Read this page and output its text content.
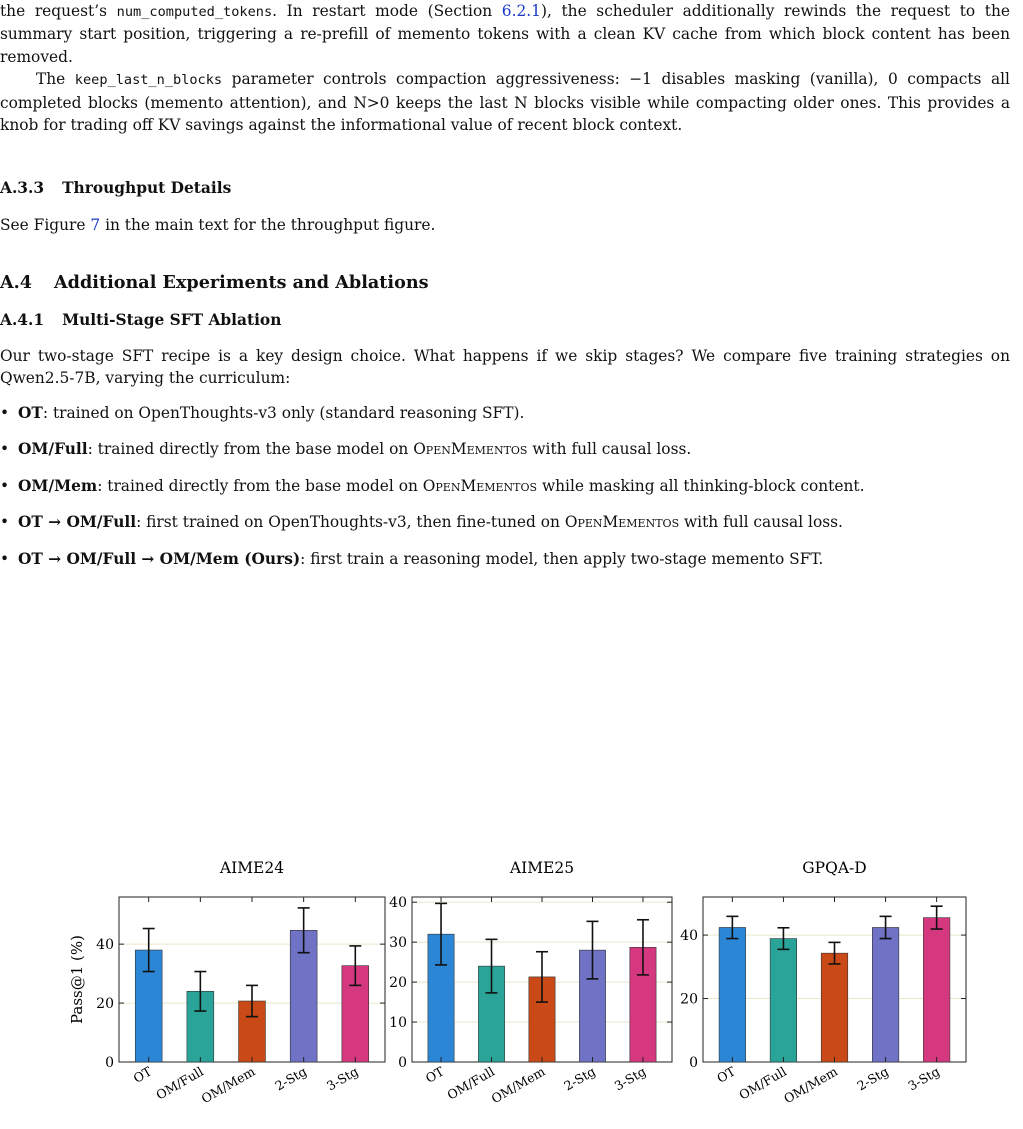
the request’s num_computed_tokens. In restart mode (Section 6.2.1), the scheduler additionally rewinds the request to the summary start position, triggering a re-prefill of memento tokens with a clean KV cache from which block content has been removed.

The keep_last_n_blocks parameter controls compaction aggressiveness: −1 disables masking (vanilla), 0 compacts all completed blocks (memento attention), and N>0 keeps the last N blocks visible while compacting older ones. This provides a knob for trading off KV savings against the informational value of recent block context.

A.3.3 Throughput Details

See Figure 7 in the main text for the throughput figure.

A.4 Additional Experiments and Ablations
A.4.1 Multi-Stage SFT Ablation

Our two-stage SFT recipe is a key design choice. What happens if we skip stages? We compare five training strategies on Qwen2.5-7B, varying the curriculum:

• OT: trained on OpenThoughts-v3 only (standard reasoning SFT).
• OM/Full: trained directly from the base model on OpenMementos with full causal loss.
• OM/Mem: trained directly from the base model on OpenMementos while masking all thinking-block content.
• OT → OM/Full: first trained on OpenThoughts-v3, then fine-tuned on OpenMementos with full causal loss.
• OT → OM/Full → OM/Mem (Ours): first train a reasoning model, then apply two-stage memento SFT.
Pass@1 (%)
AIME24
0
20
40
OT OM/Full
OM/Mem 2-Stg 3-Stg
AIME25
0
10
20
30
40
OT
OM/Full
OM/Mem 2-Stg 3-Stg
GPQA-D
0
20
40
OT
OM/Full
OM/Mem 2-Stg 3-Stg
